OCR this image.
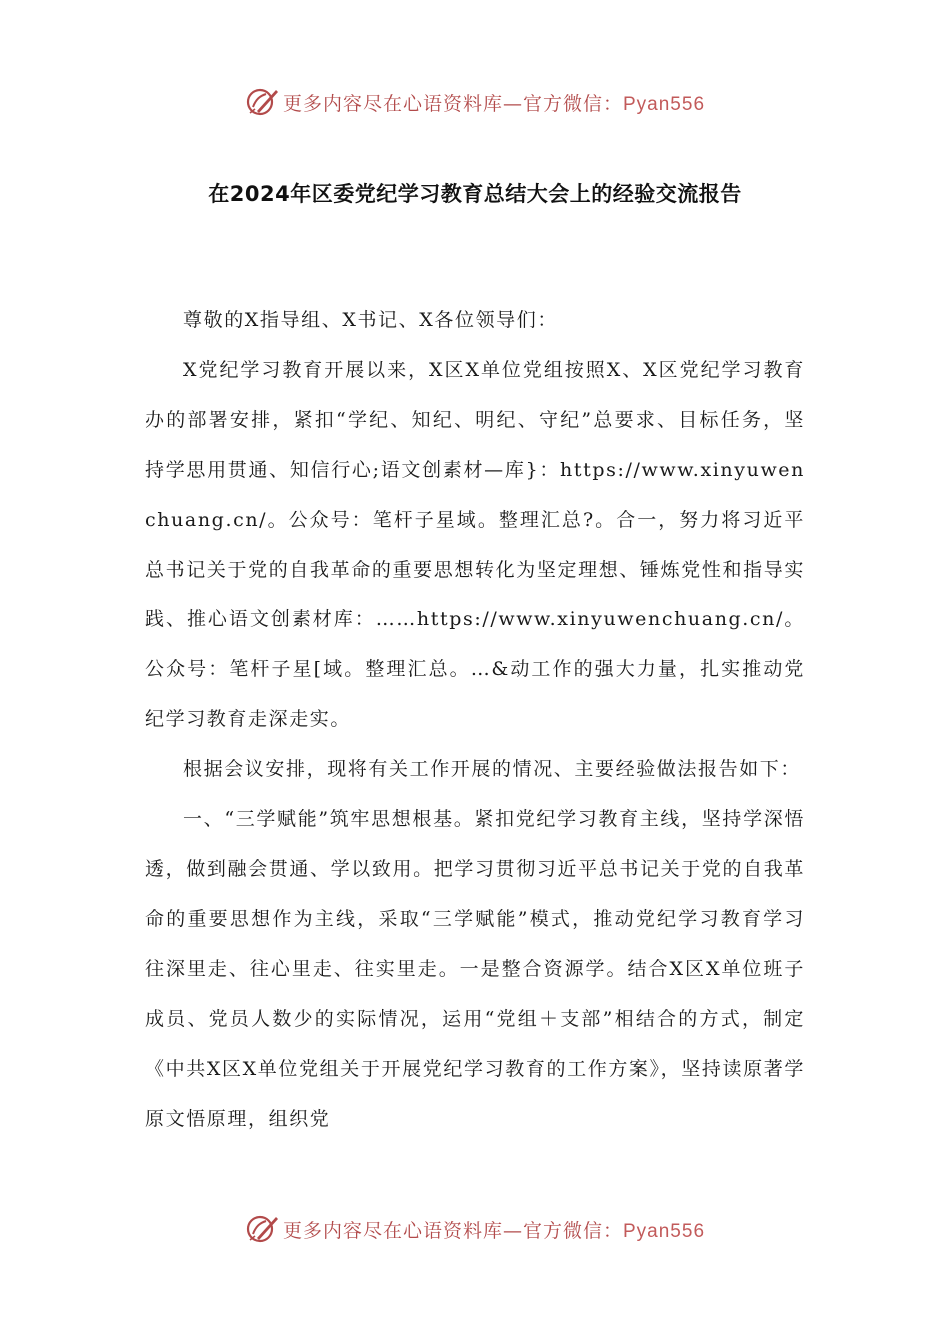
更多内容尽在心语资料库—官方微信：Pyan556
在2024年区委党纪学习教育总结大会上的经验交流报告

尊敬的X指导组、X书记、X各位领导们：

X党纪学习教育开展以来，X区X单位党组按照X、X区党纪学习教育办的部署安排，紧扣“学纪、知纪、明纪、守纪”总要求、目标任务，坚持学思用贯通、知信行心;语文创素材—库}：https://www.xinyuwenchuang.cn/。公众号：笔杆子星域。整理汇总?。合一，努力将习近平总书记关于党的自我革命的重要思想转化为坚定理想、锤炼党性和指导实践、推心语文创素材库：……https://www.xinyuwenchuang.cn/。公众号：笔杆子星[域。整理汇总。…&动工作的强大力量，扎实推动党纪学习教育走深走实。

根据会议安排，现将有关工作开展的情况、主要经验做法报告如下：

一、“三学赋能”筑牢思想根基。紧扣党纪学习教育主线，坚持学深悟透，做到融会贯通、学以致用。把学习贯彻习近平总书记关于党的自我革命的重要思想作为主线，采取“三学赋能”模式，推动党纪学习教育学习往深里走、往心里走、往实里走。一是整合资源学。结合X区X单位班子成员、党员人数少的实际情况，运用“党组＋支部”相结合的方式，制定《中共X区X单位党组关于开展党纪学习教育的工作方案》，坚持读原著学原文悟原理，组织党

更多内容尽在心语资料库—官方微信：Pyan556
